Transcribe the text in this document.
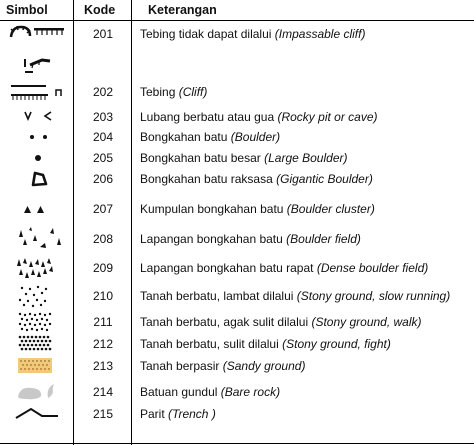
Simbol	Kode	Keterangan
201	Tebing tidak dapat dilalui (Impassable cliff)
202	Tebing (Cliff)
203	Lubang berbatu atau gua (Rocky pit or cave)
204	Bongkahan batu (Boulder)
205	Bongkahan batu besar (Large Boulder)
206	Bongkahan batu raksasa (Gigantic Boulder)
207	Kumpulan bongkahan batu (Boulder cluster)
208	Lapangan bongkahan batu (Boulder field)
209	Lapangan bongkahan batu rapat (Dense boulder field)
210	Tanah berbatu, lambat dilalui (Stony ground, slow running)
211	Tanah berbatu, agak sulit dilalui (Stony ground, walk)
212	Tanah berbatu, sulit dilalui (Stony ground, fight)
213	Tanah berpasir (Sandy ground)
214	Batuan gundul (Bare rock)
215	Parit (Trench )
